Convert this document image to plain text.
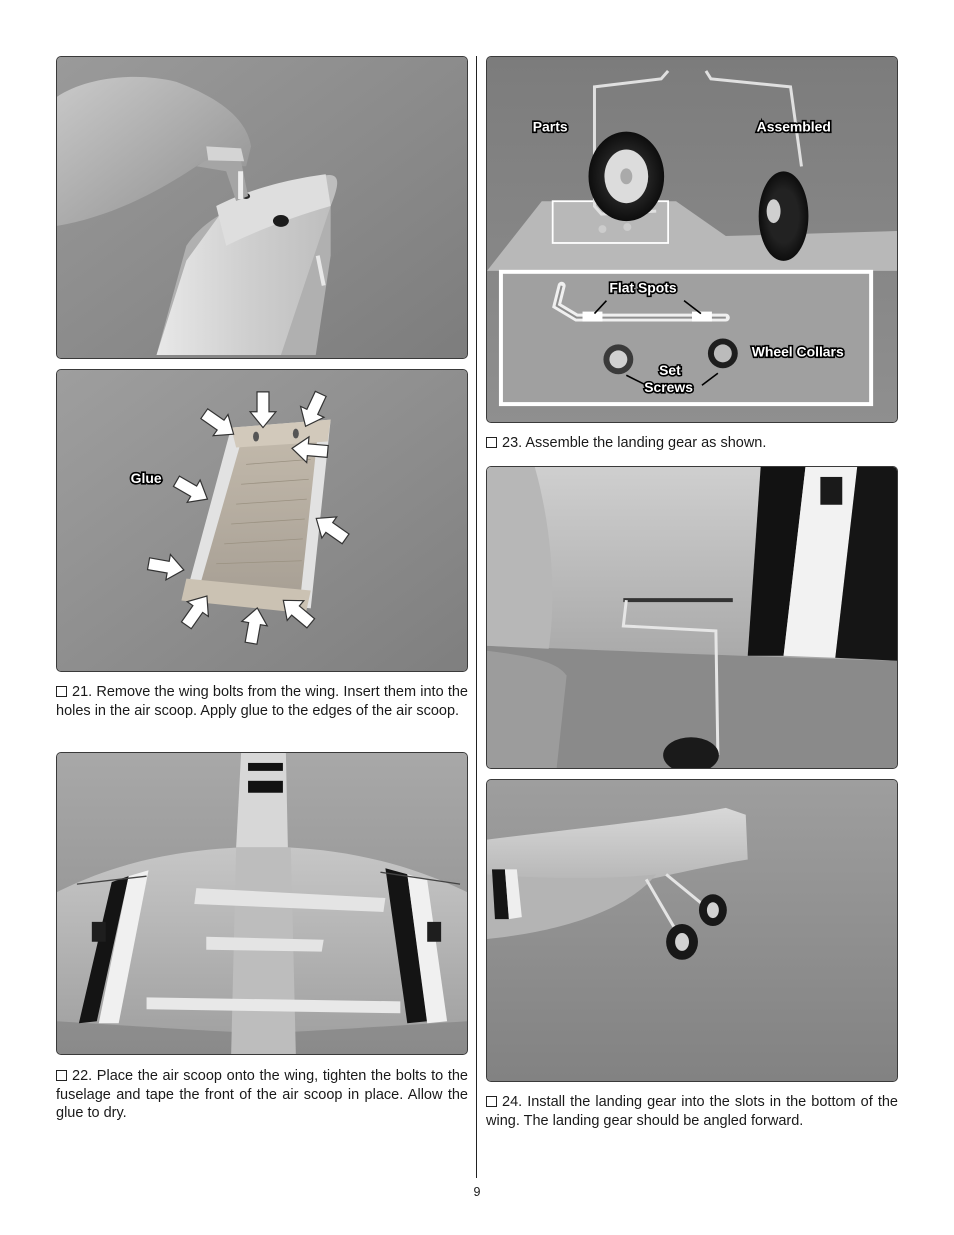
Glue

21. Remove the wing bolts from the wing. Insert them into the holes in the air scoop. Apply glue to the edges of the air scoop.

22. Place the air scoop onto the wing, tighten the bolts to the fuselage and tape the front of the air scoop in place. Allow the glue to dry.

Parts	Assembled
Flat Spots
Wheel Collars
Set
Screws

23. Assemble the landing gear as shown.

24. Install the landing gear into the slots in the bottom of the wing. The landing gear should be angled forward.

9
